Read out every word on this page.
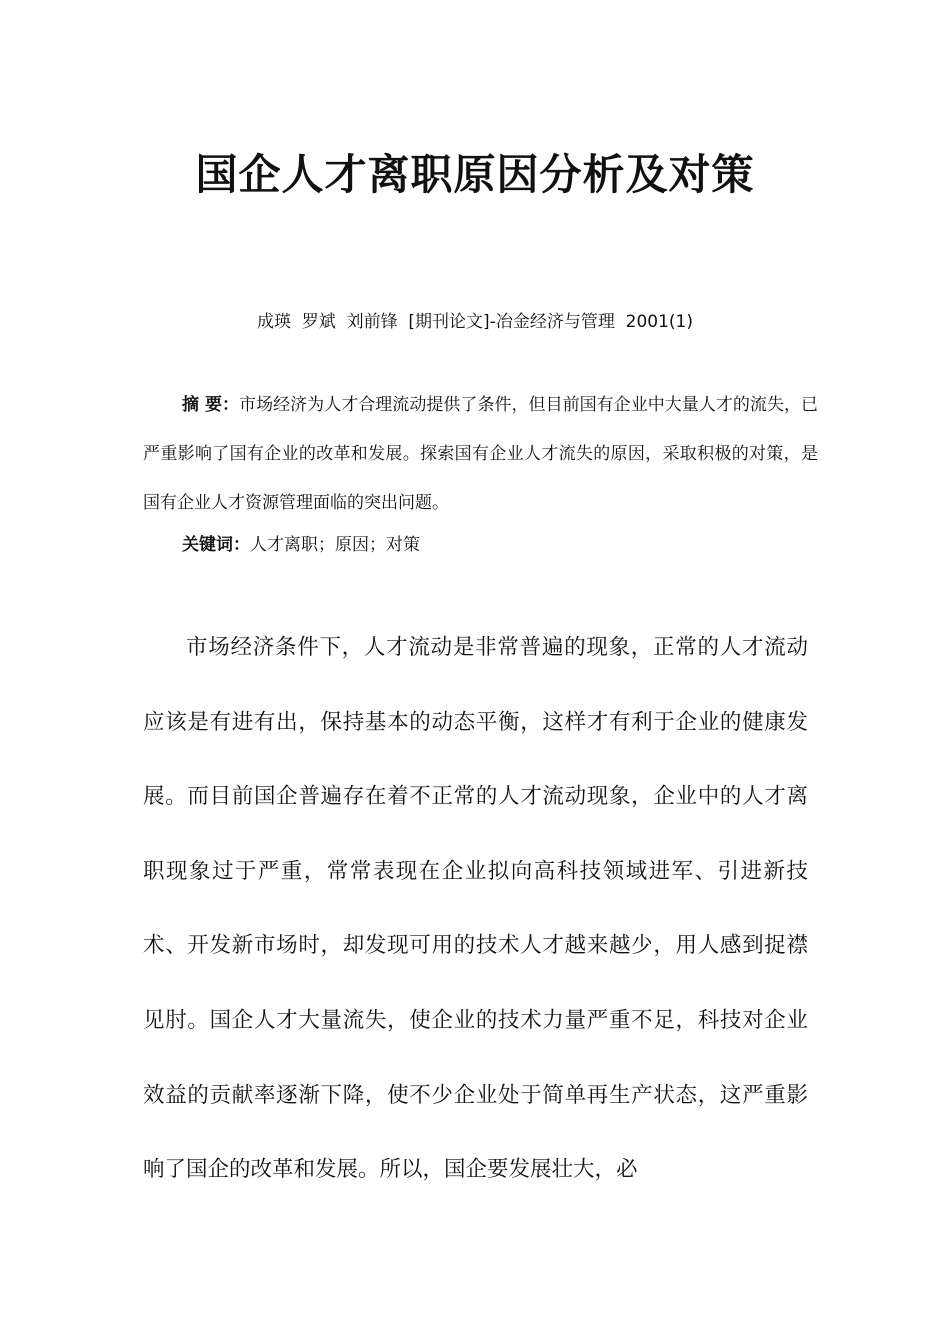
国企人才离职原因分析及对策
成瑛  罗斌  刘前锋  [期刊论文]-冶金经济与管理  2001(1)

摘 要：市场经济为人才合理流动提供了条件，但目前国有企业中大量人才的流失，已严重影响了国有企业的改革和发展。探索国有企业人才流失的原因，采取积极的对策，是国有企业人才资源管理面临的突出问题。

关键词：人才离职；原因；对策

市场经济条件下，人才流动是非常普遍的现象，正常的人才流动应该是有进有出，保持基本的动态平衡，这样才有利于企业的健康发展。而目前国企普遍存在着不正常的人才流动现象，企业中的人才离职现象过于严重，常常表现在企业拟向高科技领域进军、引进新技术、开发新市场时，却发现可用的技术人才越来越少，用人感到捉襟见肘。国企人才大量流失，使企业的技术力量严重不足，科技对企业效益的贡献率逐渐下降，使不少企业处于简单再生产状态，这严重影响了国企的改革和发展。所以，国企要发展壮大，必
